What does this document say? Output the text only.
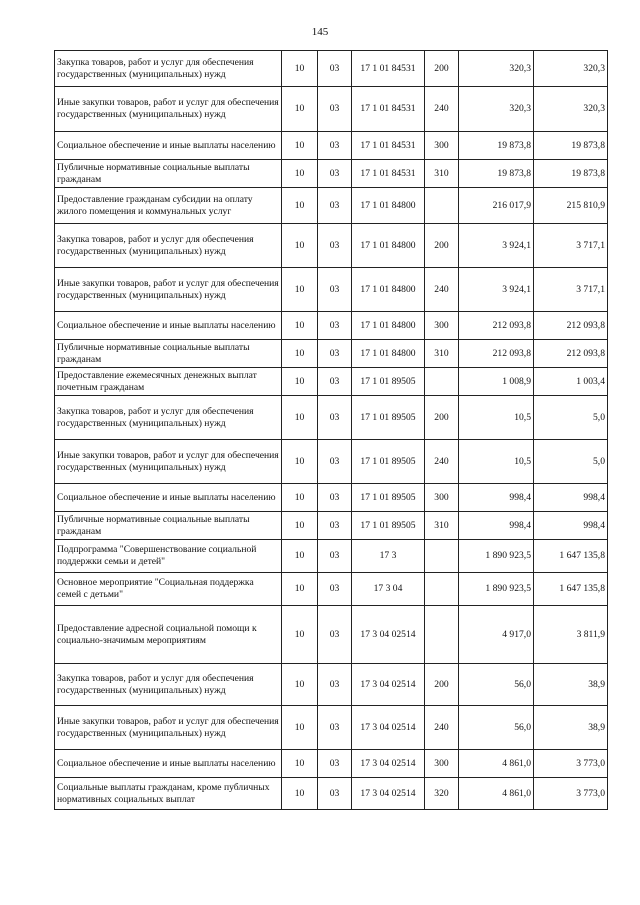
145
Закупка товаров, работ и услуг для обеспечения государственных (муниципальных) нужд	10	03	17 1 01 84531	200	320,3	320,3
Иные закупки товаров, работ и услуг для обеспечения государственных (муниципальных) нужд	10	03	17 1 01 84531	240	320,3	320,3
Социальное обеспечение и иные выплаты населению	10	03	17 1 01 84531	300	19 873,8	19 873,8
Публичные нормативные социальные выплаты гражданам	10	03	17 1 01 84531	310	19 873,8	19 873,8
Предоставление гражданам субсидии на оплату жилого помещения и коммунальных услуг	10	03	17 1 01 84800		216 017,9	215 810,9
Закупка товаров, работ и услуг для обеспечения государственных (муниципальных) нужд	10	03	17 1 01 84800	200	3 924,1	3 717,1
Иные закупки товаров, работ и услуг для обеспечения государственных (муниципальных) нужд	10	03	17 1 01 84800	240	3 924,1	3 717,1
Социальное обеспечение и иные выплаты населению	10	03	17 1 01 84800	300	212 093,8	212 093,8
Публичные нормативные социальные выплаты гражданам	10	03	17 1 01 84800	310	212 093,8	212 093,8
Предоставление ежемесячных денежных выплат почетным гражданам	10	03	17 1 01 89505		1 008,9	1 003,4
Закупка товаров, работ и услуг для обеспечения государственных (муниципальных) нужд	10	03	17 1 01 89505	200	10,5	5,0
Иные закупки товаров, работ и услуг для обеспечения государственных (муниципальных) нужд	10	03	17 1 01 89505	240	10,5	5,0
Социальное обеспечение и иные выплаты населению	10	03	17 1 01 89505	300	998,4	998,4
Публичные нормативные социальные выплаты гражданам	10	03	17 1 01 89505	310	998,4	998,4
Подпрограмма "Совершенствование социальной поддержки семьи и детей"	10	03	17 3		1 890 923,5	1 647 135,8
Основное мероприятие "Социальная поддержка семей с детьми"	10	03	17 3 04		1 890 923,5	1 647 135,8
Предоставление адресной социальной помощи к социально-значимым мероприятиям	10	03	17 3 04 02514		4 917,0	3 811,9
Закупка товаров, работ и услуг для обеспечения государственных (муниципальных) нужд	10	03	17 3 04 02514	200	56,0	38,9
Иные закупки товаров, работ и услуг для обеспечения государственных (муниципальных) нужд	10	03	17 3 04 02514	240	56,0	38,9
Социальное обеспечение и иные выплаты населению	10	03	17 3 04 02514	300	4 861,0	3 773,0
Социальные выплаты гражданам, кроме публичных нормативных социальных выплат	10	03	17 3 04 02514	320	4 861,0	3 773,0
